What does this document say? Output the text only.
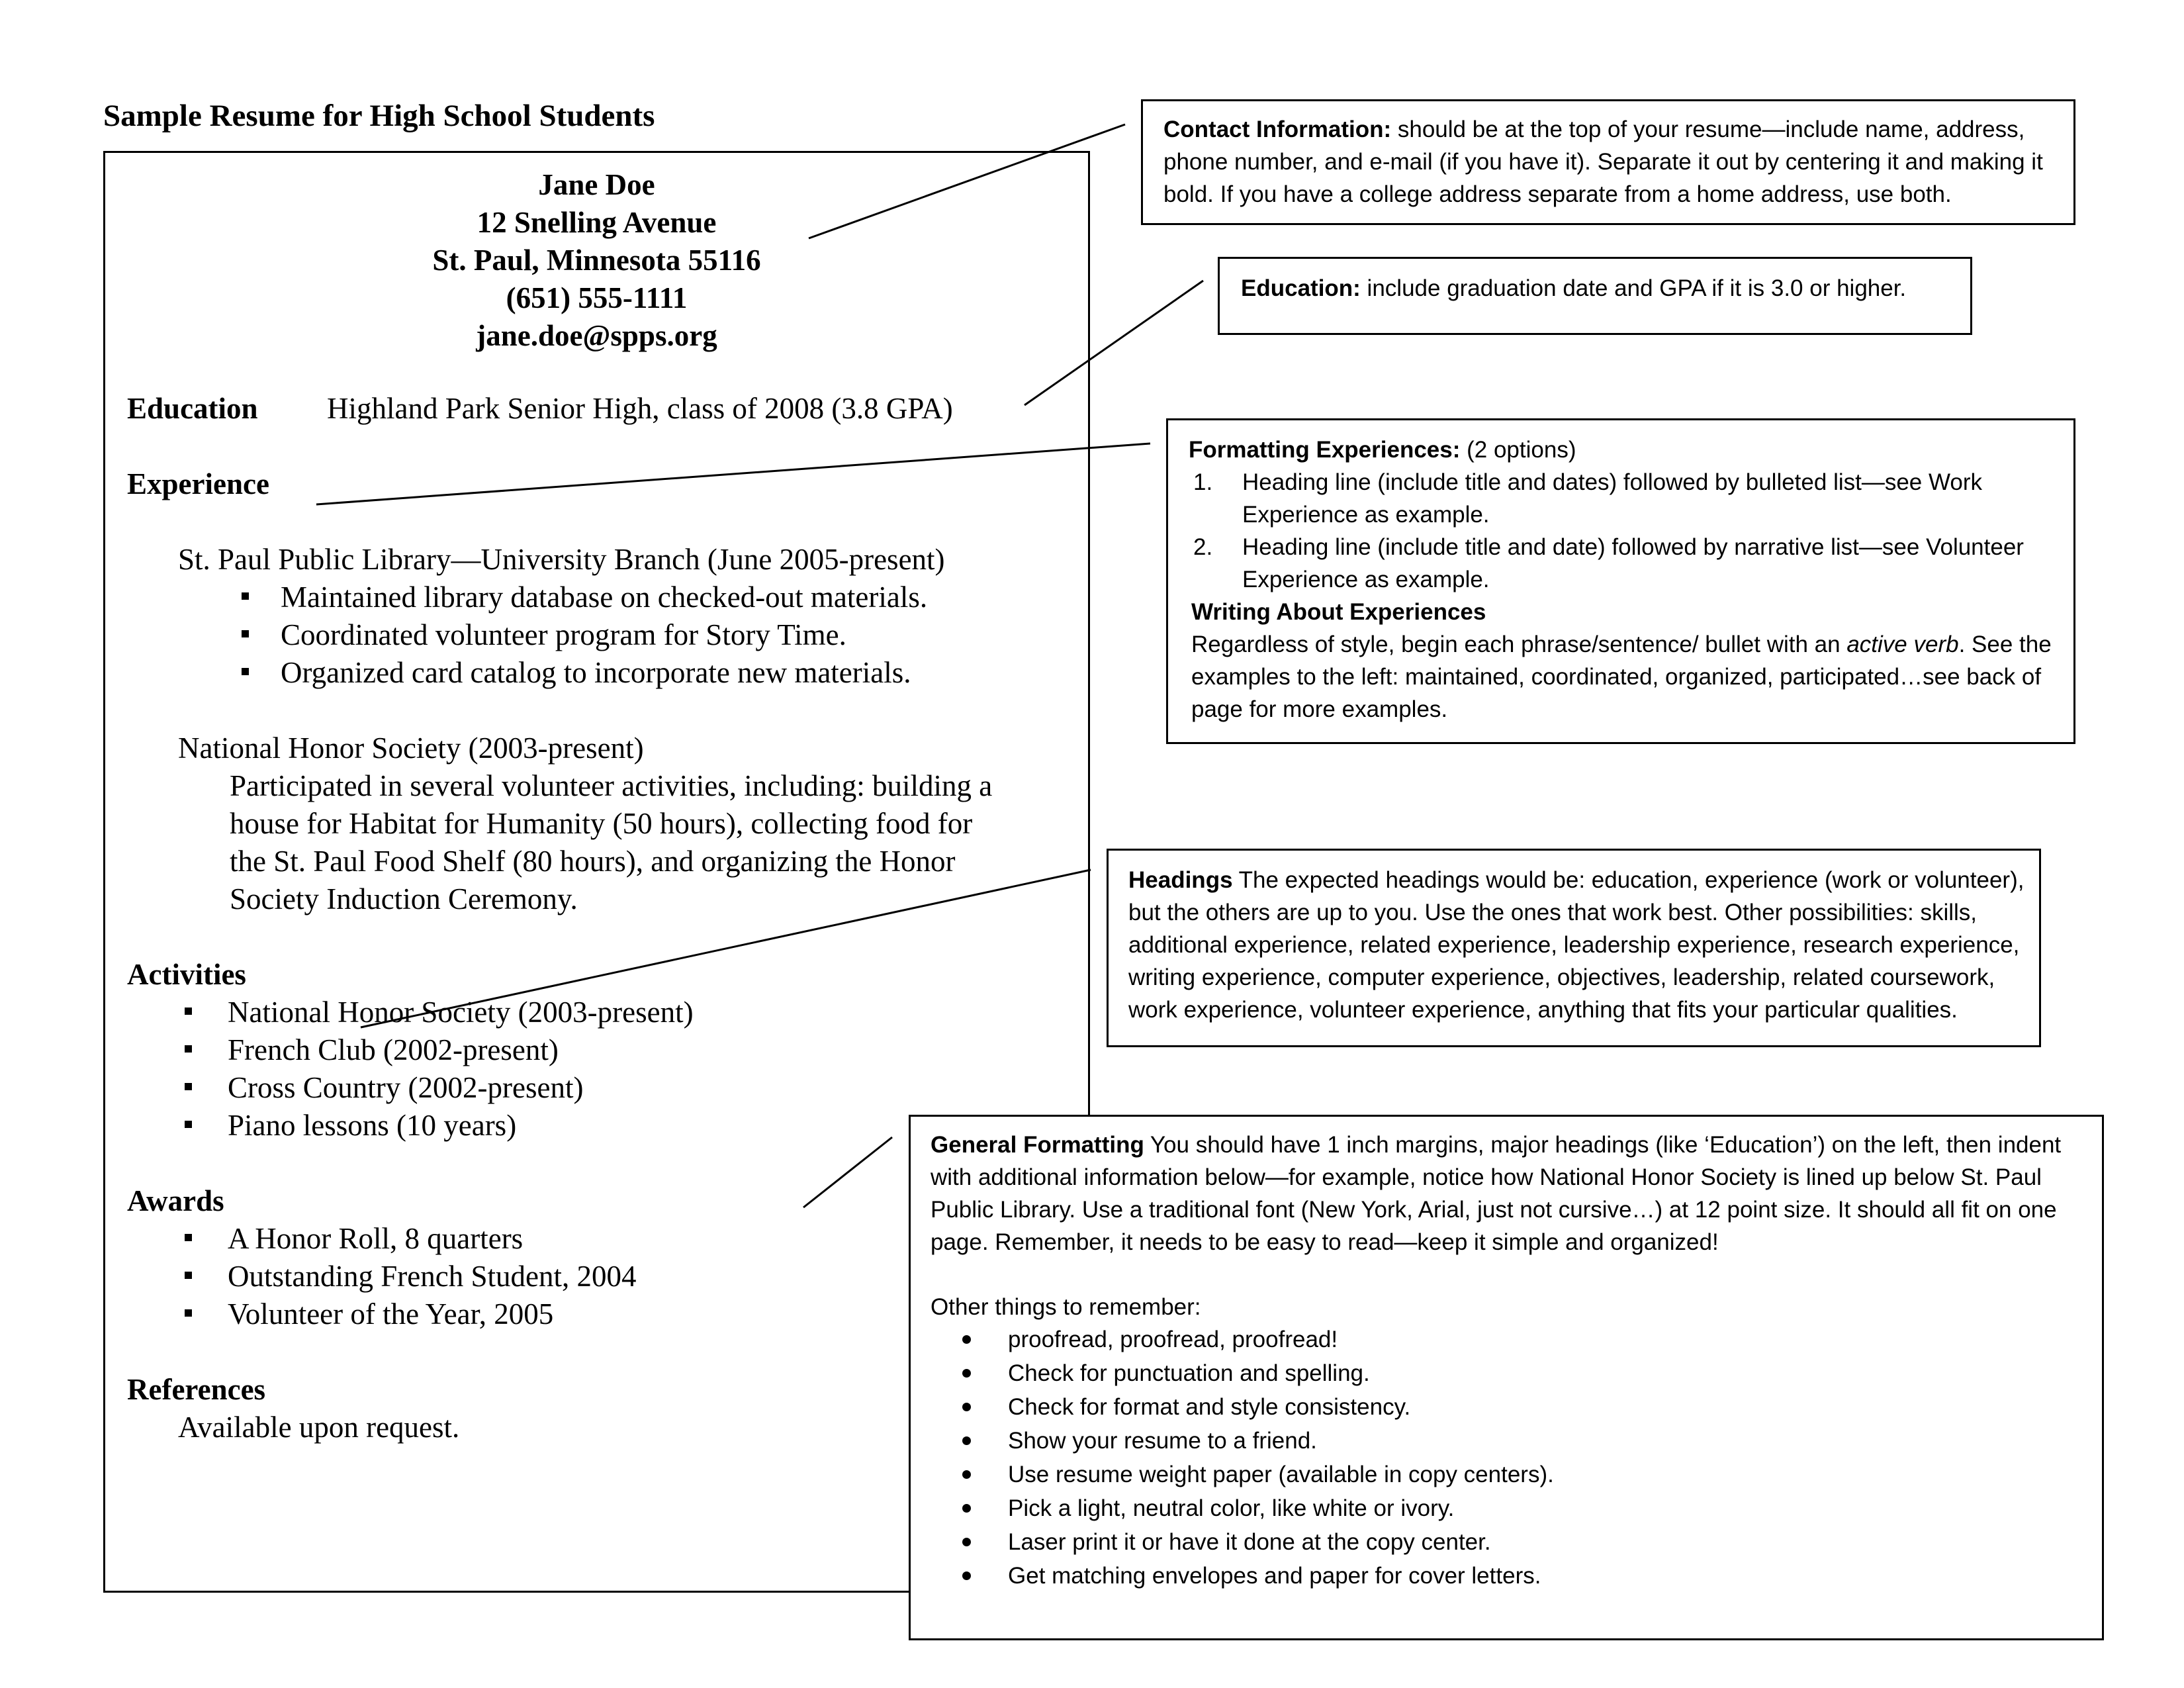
Sample Resume for High School Students
Jane Doe
12 Snelling Avenue
St. Paul, Minnesota 55116
(651) 555-1111
jane.doe@spps.org
Education Highland Park Senior High, class of 2008 (3.8 GPA)
Experience
St. Paul Public Library—University Branch (June 2005-present)
Maintained library database on checked-out materials.
Coordinated volunteer program for Story Time.
Organized card catalog to incorporate new materials.
National Honor Society (2003-present)
Participated in several volunteer activities, including: building a
house for Habitat for Humanity (50 hours), collecting food for
the St. Paul Food Shelf (80 hours), and organizing the Honor
Society Induction Ceremony.
Activities
National Honor Society (2003-present)
French Club (2002-present)
Cross Country (2002-present)
Piano lessons (10 years)
Awards
A Honor Roll, 8 quarters
Outstanding French Student, 2004
Volunteer of the Year, 2005
References
Available upon request.
Contact Information: should be at the top of your resume—include name, address,
phone number, and e-mail (if you have it). Separate it out by centering it and making it
bold. If you have a college address separate from a home address, use both.
Education: include graduation date and GPA if it is 3.0 or higher.
Formatting Experiences: (2 options)
1. Heading line (include title and dates) followed by bulleted list—see Work
Experience as example.
2. Heading line (include title and date) followed by narrative list—see Volunteer
Experience as example.
Writing About Experiences
Regardless of style, begin each phrase/sentence/ bullet with an active verb. See the
examples to the left: maintained, coordinated, organized, participated…see back of
page for more examples.
Headings The expected headings would be: education, experience (work or volunteer),
but the others are up to you. Use the ones that work best. Other possibilities: skills,
additional experience, related experience, leadership experience, research experience,
writing experience, computer experience, objectives, leadership, related coursework,
work experience, volunteer experience, anything that fits your particular qualities.
General Formatting You should have 1 inch margins, major headings (like ‘Education’) on the left, then indent
with additional information below—for example, notice how National Honor Society is lined up below St. Paul
Public Library. Use a traditional font (New York, Arial, just not cursive…) at 12 point size. It should all fit on one
page. Remember, it needs to be easy to read—keep it simple and organized!
Other things to remember:
proofread, proofread, proofread!
Check for punctuation and spelling.
Check for format and style consistency.
Show your resume to a friend.
Use resume weight paper (available in copy centers).
Pick a light, neutral color, like white or ivory.
Laser print it or have it done at the copy center.
Get matching envelopes and paper for cover letters.
